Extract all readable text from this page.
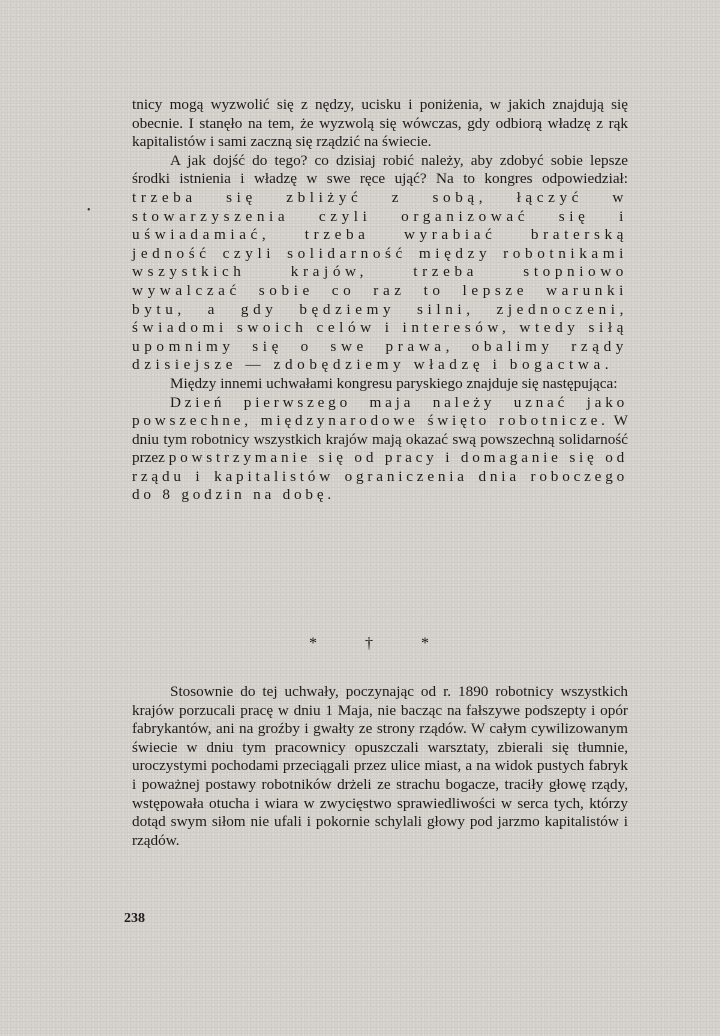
•

tnicy mogą wyzwolić się z nędzy, ucisku i poniżenia, w jakich znajdują się obecnie. I stanęło na tem, że wyzwolą się wówczas, gdy odbiorą władzę z rąk kapitalistów i sami zaczną się rządzić na świecie.

A jak dojść do tego? co dzisiaj robić należy, aby zdobyć sobie lepsze środki istnienia i władzę w swe ręce ująć? Na to kongres odpowiedział: trzeba się zbliżyć z sobą, łączyć w stowarzyszenia czyli organizować się i uświadamiać, trzeba wyrabiać braterską jedność czyli solidarność między robotnikami wszystkich krajów, trzeba stopniowo wywalczać sobie co raz to lepsze warunki bytu, a gdy będziemy silni, zjednoczeni, świadomi swoich celów i interesów, wtedy siłą upomnimy się o swe prawa, obalimy rządy dzisiejsze — zdobędziemy władzę i bogactwa.

Między innemi uchwałami kongresu paryskiego znajduje się następująca:

Dzień pierwszego maja należy uznać jako powszechne, międzynarodowe święto robotnicze. W dniu tym robotnicy wszystkich krajów mają okazać swą powszechną solidarność przez powstrzymanie się od pracy i domaganie się od rządu i kapitalistów ograniczenia dnia roboczego do 8 godzin na dobę.

* † *

Stosownie do tej uchwały, poczynając od r. 1890 robotnicy wszystkich krajów porzucali pracę w dniu 1 Maja, nie bacząc na fałszywe podszepty i opór fabrykantów, ani na groźby i gwałty ze strony rządów. W całym cywilizowanym świecie w dniu tym pracownicy opuszczali warsztaty, zbierali się tłumnie, uroczystymi pochodami przeciągali przez ulice miast, a na widok pustych fabryk i poważnej postawy robotników drżeli ze strachu bogacze, traciły głowę rządy, wstępowała otucha i wiara w zwycięstwo sprawiedliwości w serca tych, którzy dotąd swym siłom nie ufali i pokornie schylali głowy pod jarzmo kapitalistów i rządów.

238
